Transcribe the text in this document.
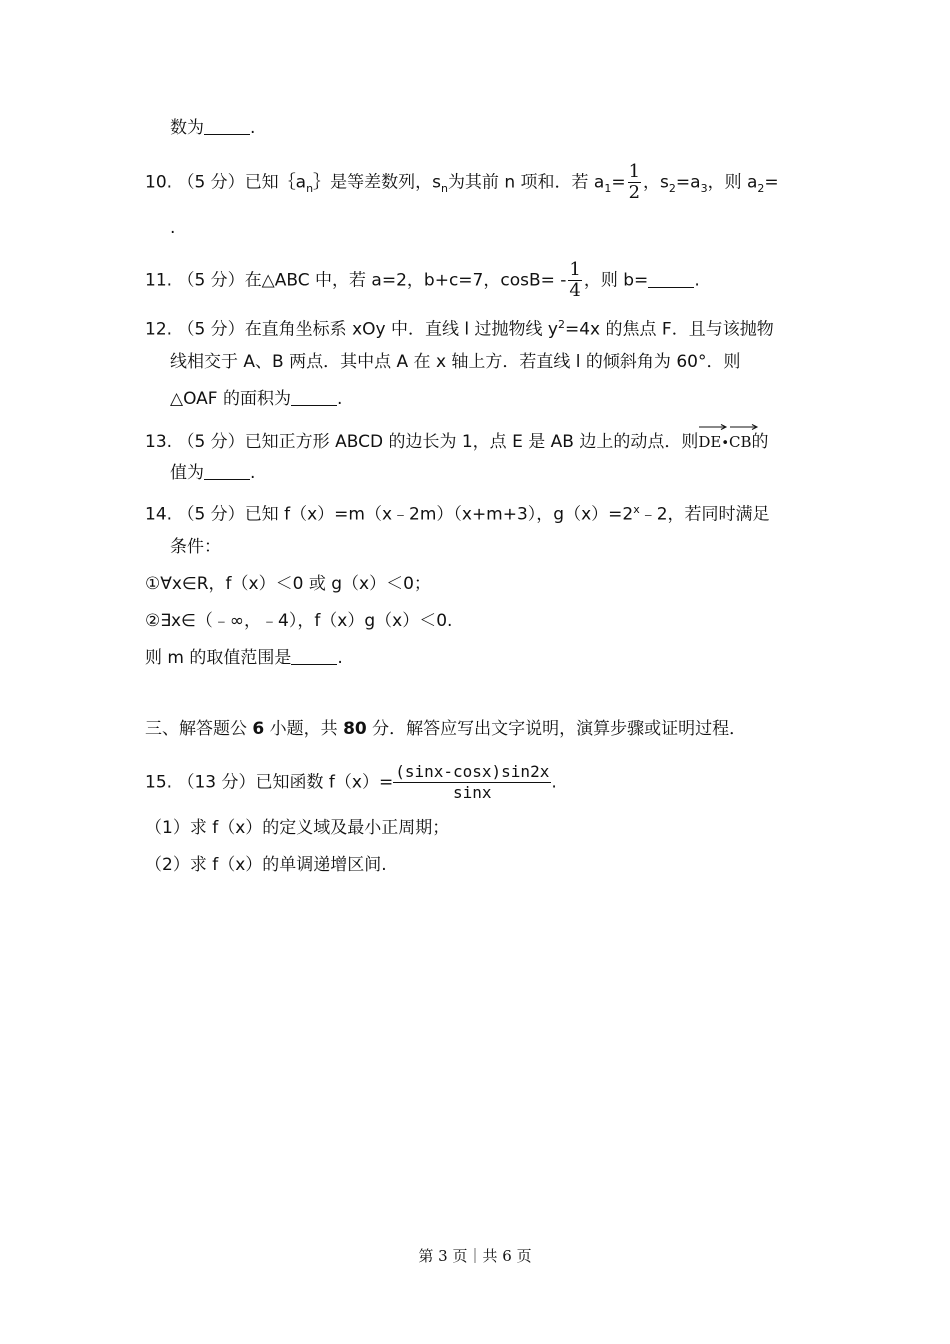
数为	.
10. （5 分）已知$\{a_n\}$是等差数列，$s_n$为其前 n 项和．若 $a_1= \frac{1}{2}$ ，$s_2=a_3$，则 $a_2=$
.
11. （5 分）在△ABC 中，若 a=2，b+c=7，cosB= ‑ $\frac{1}{4}$ ，则 b=	.
12. （5 分）在直角坐标系 xOy 中．直线 l 过抛物线 $y^2=4x$ 的焦点 F．且与该抛物
线相交于 A、B 两点．其中点 A 在 x 轴上方．若直线 l 的倾斜角为 60°．则
△OAF 的面积为	.
13. （5 分）已知正方形 ABCD 的边长为 1，点 E 是 AB 边上的动点．则
DE•
CB的
值为	.
14. （5 分）已知 f（x）=m（x﹣2m）（x+m+3），$g(x)=2^x﹣2$，若同时满足
条件：
①∀x∈R，f（x）＜0 或 g（x）＜0；
②∃x∈（﹣∞，﹣4），f（x）g（x）＜0.
则 m 的取值范围是	.
三、解答题公 6 小题，共 80 分．解答应写出文字说明，演算步骤或证明过程．
15. （13 分）已知函数 $f(x)= \frac{(\sin x-\cos x)\sin 2x}{\sin x}$ .
（1）求 f（x）的定义域及最小正周期；
（2）求 f（x）的单调递增区间.
第 3 页｜共 6 页
